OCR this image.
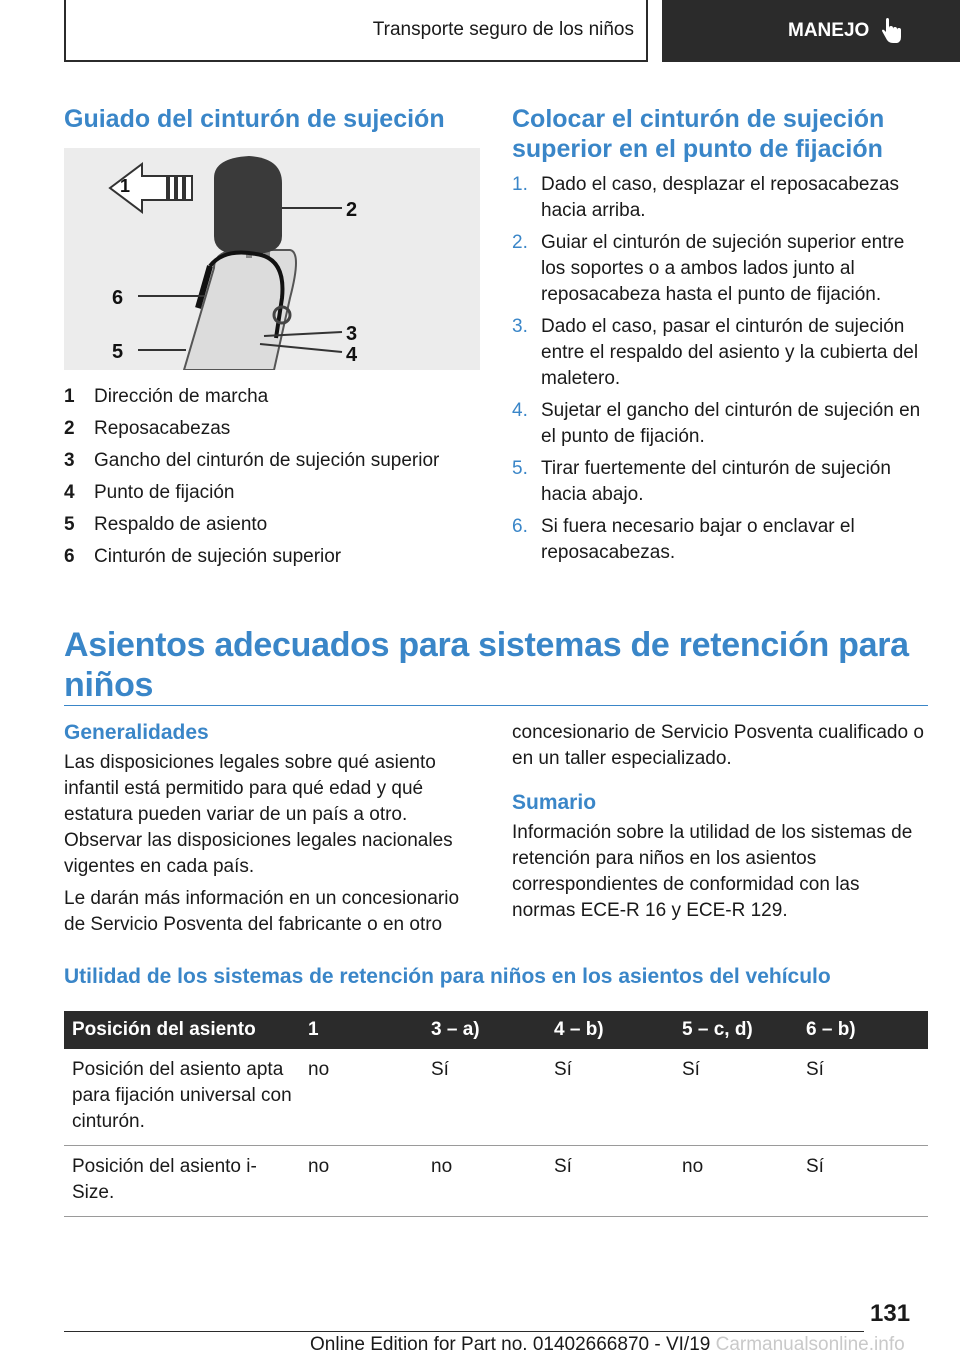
Transporte seguro de los niños	MANEJO
Guiado del cinturón de sujeción
1
2
6
3
4
5
1	Dirección de marcha
2	Reposacabezas
3	Gancho del cinturón de sujeción superior
4	Punto de fijación
5	Respaldo de asiento
6	Cinturón de sujeción superior
Colocar el cinturón de sujeción
superior en el punto de fijación
1. Dado el caso, desplazar el reposacabezas hacia arriba.
2. Guiar el cinturón de sujeción superior entre los soportes o a ambos lados junto al reposacabeza hasta el punto de fijación.
3. Dado el caso, pasar el cinturón de sujeción entre el respaldo del asiento y la cubierta del maletero.
4. Sujetar el gancho del cinturón de sujeción en el punto de fijación.
5. Tirar fuertemente del cinturón de sujeción hacia abajo.
6. Si fuera necesario bajar o enclavar el reposacabezas.
Asientos adecuados para sistemas de retención para
niños
Generalidades

Las disposiciones legales sobre qué asiento infantil está permitido para qué edad y qué estatura pueden variar de un país a otro. Observar las disposiciones legales nacionales vigentes en cada país.

Le darán más información en un concesionario de Servicio Posventa del fabricante o en otro

concesionario de Servicio Posventa cualificado o en un taller especializado.

Sumario

Información sobre la utilidad de los sistemas de retención para niños en los asientos correspondientes de conformidad con las normas ECE-R 16 y ECE-R 129.

Utilidad de los sistemas de retención para niños en los asientos del vehículo
Posición del asiento	1	3 – a)	4 – b)	5 – c, d)	6 – b)
Posición del asiento apta para fijación universal con cinturón.	no	Sí	Sí	Sí	Sí
Posición del asiento i-Size.	no	no	Sí	no	Sí
131
Online Edition for Part no. 01402666870 - VI/19 Carmanualsonline.info
